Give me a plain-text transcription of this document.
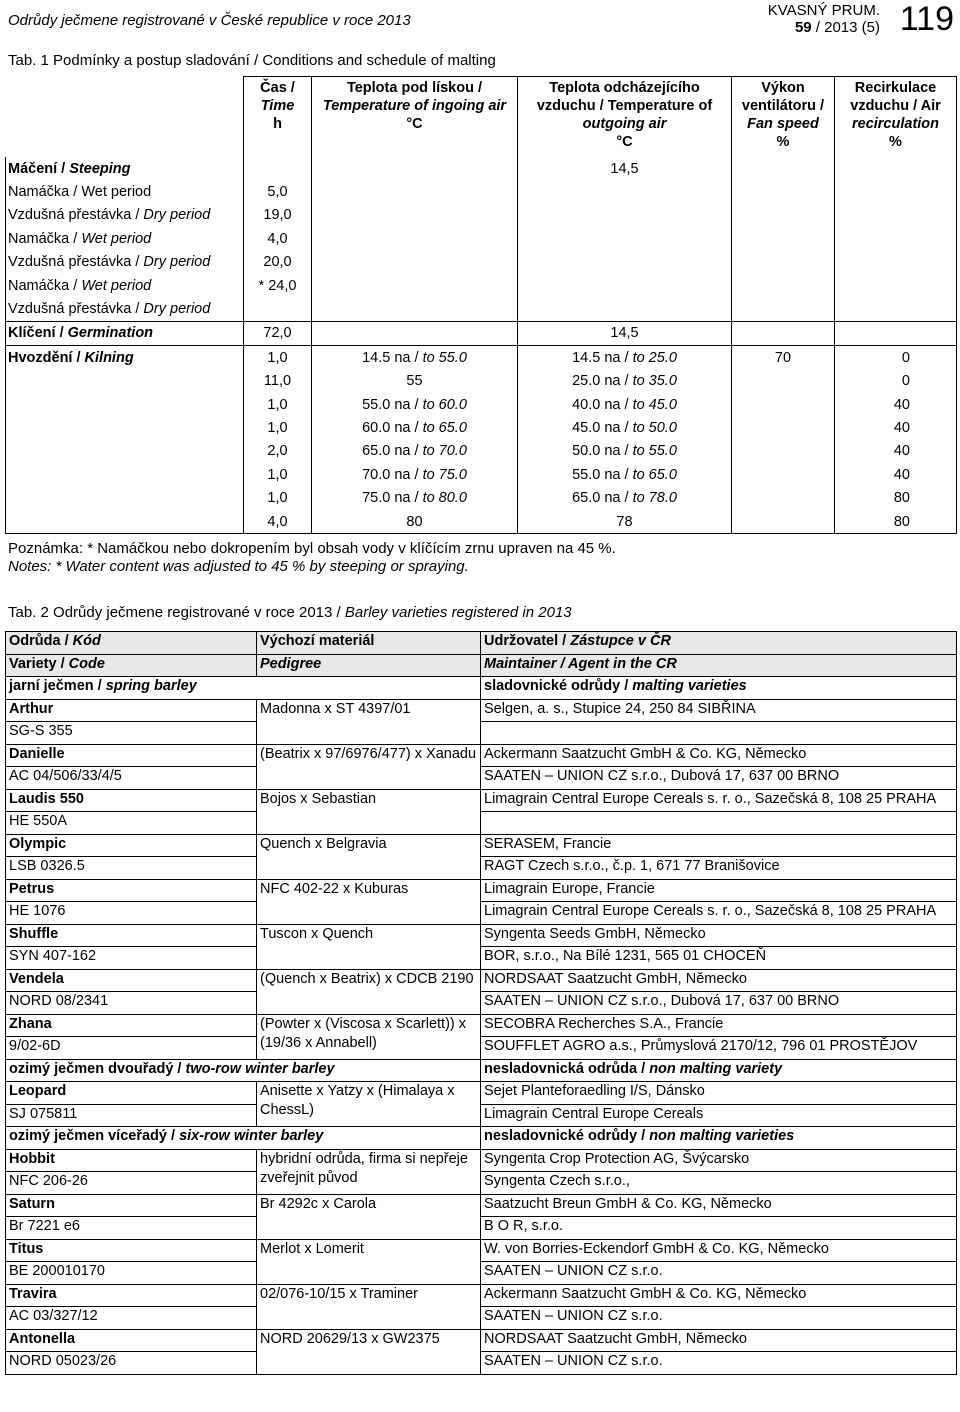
Odrůdy ječmene registrované v České republice v roce 2013
KVASNÝ PRUM.
59 / 2013 (5) 119
Tab. 1 Podmínky a postup sladování / Conditions and schedule of malting
	Čas /
Time
h	Teplota pod lískou /
Temperature of ingoing air
°C	Teplota odcházejícího
vzduchu / Temperature of
outgoing air
°C	Výkon
ventilátoru /
Fan speed
%	Recirkulace
vzduchu / Air
recirculation
%
Máčení / Steeping			14,5		
Namáčka / Wet period	5,0				
Vzdušná přestávka / Dry period	19,0				
Namáčka / Wet period	4,0				
Vzdušná přestávka / Dry period	20,0				
Namáčka / Wet period	* 24,0				
Vzdušná přestávka / Dry period					
Klíčení / Germination	72,0		14,5		
Hvozdění / Kilning	1,0	14.5 na / to 55.0	14.5 na / to 25.0	70	0
	11,0	55	25.0 na / to 35.0		0
	1,0	55.0 na / to 60.0	40.0 na / to 45.0		40
	1,0	60.0 na / to 65.0	45.0 na / to 50.0		40
	2,0	65.0 na / to 70.0	50.0 na / to 55.0		40
	1,0	70.0 na / to 75.0	55.0 na / to 65.0		40
	1,0	75.0 na / to 80.0	65.0 na / to 78.0		80
	4,0	80	78		80
Poznámka: * Namáčkou nebo dokropením byl obsah vody v klíčícím zrnu upraven na 45 %.
Notes: * Water content was adjusted to 45 % by steeping or spraying.
Tab. 2 Odrůdy ječmene registrované v roce 2013 / Barley varieties registered in 2013
Odrůda / Kód	Výchozí materiál	Udržovatel / Zástupce v ČR
Variety / Code	Pedigree	Maintainer / Agent in the CR
jarní ječmen / spring barley		sladovnické odrůdy / malting varieties
Arthur	Madonna x ST 4397/01	Selgen, a. s., Stupice 24, 250 84 SIBŘINA
SG-S 355		
Danielle	(Beatrix x 97/6976/477) x Xanadu	Ackermann Saatzucht GmbH & Co. KG, Německo
AC 04/506/33/4/5		SAATEN – UNION CZ s.r.o., Dubová 17, 637 00 BRNO
Laudis 550	Bojos x Sebastian	Limagrain Central Europe Cereals s. r. o., Sazečská 8, 108 25 PRAHA
HE 550A		
Olympic	Quench x Belgravia	SERASEM, Francie
LSB 0326.5		RAGT Czech s.r.o., č.p. 1, 671 77 Branišovice
Petrus	NFC 402-22 x Kuburas	Limagrain Europe, Francie
HE 1076		Limagrain Central Europe Cereals s. r. o., Sazečská 8, 108 25 PRAHA
Shuffle	Tuscon x Quench	Syngenta Seeds GmbH, Německo
SYN 407-162		BOR, s.r.o., Na Bílé 1231, 565 01 CHOCEŇ
Vendela	(Quench x Beatrix) x CDCB 2190	NORDSAAT Saatzucht GmbH, Německo
NORD 08/2341		SAATEN – UNION CZ s.r.o., Dubová 17, 637 00 BRNO
Zhana	(Powter x (Viscosa x Scarlett)) x (19/36 x Annabell)	SECOBRA Recherches S.A., Francie
9/02-6D		SOUFFLET AGRO a.s., Průmyslová 2170/12, 796 01 PROSTĚJOV
ozimý ječmen dvouřadý / two-row winter barley		nesladovnická odrůda / non malting variety
Leopard	Anisette x Yatzy x (Himalaya x ChessL)	Sejet Planteforaedling I/S, Dánsko
SJ 075811		Limagrain Central Europe Cereals
ozimý ječmen víceřadý / six-row winter barley		nesladovnické odrůdy / non malting varieties
Hobbit	hybridní odrůda, firma si nepřeje zveřejnit původ	Syngenta Crop Protection AG, Švýcarsko
NFC 206-26		Syngenta Czech s.r.o.,
Saturn	Br 4292c x Carola	Saatzucht Breun GmbH & Co. KG, Německo
Br 7221 e6		B O R, s.r.o.
Titus	Merlot x Lomerit	W. von Borries-Eckendorf GmbH & Co. KG, Německo
BE 200010170		SAATEN – UNION CZ s.r.o.
Travira	02/076-10/15 x Traminer	Ackermann Saatzucht GmbH & Co. KG, Německo
AC 03/327/12		SAATEN – UNION CZ s.r.o.
Antonella	NORD 20629/13 x GW2375	NORDSAAT Saatzucht GmbH, Německo
NORD 05023/26		SAATEN – UNION CZ s.r.o.
